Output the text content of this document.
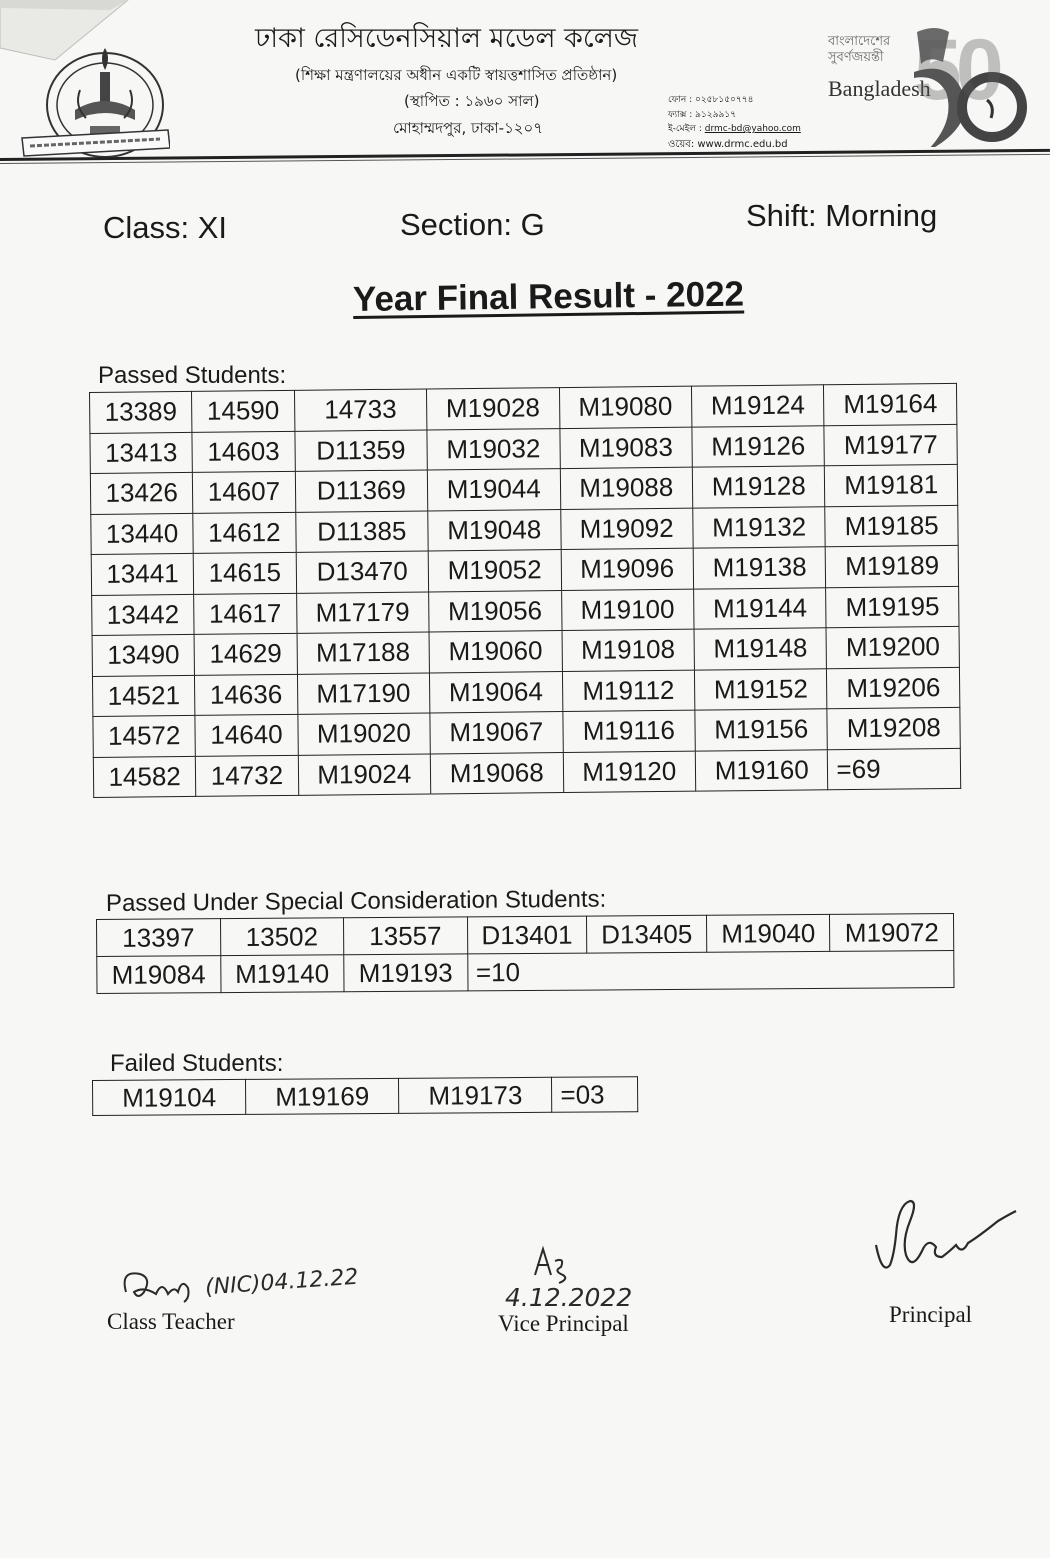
ঢাকা রেসিডেনসিয়াল মডেল কলেজ
(শিক্ষা মন্ত্রণালয়ের অধীন একটি স্বায়ত্তশাসিত প্রতিষ্ঠান)
(স্থাপিত : ১৯৬০ সাল)
মোহাম্মদপুর, ঢাকা-১২০৭
ফোন : ০২৫৮১৫০৭৭৪
ফ্যাক্স : ৯১২৯৯১৭
ই-মেইল : drmc-bd@yahoo.com
ওয়েব: www.drmc.edu.bd
বাংলাদেশের সুবর্ণজয়ন্তী
Bangladesh
50
Class: XI	Section: G	Shift: Morning
Year Final Result - 2022
Passed Students:
13389	14590	14733	M19028	M19080	M19124	M19164
13413	14603	D11359	M19032	M19083	M19126	M19177
13426	14607	D11369	M19044	M19088	M19128	M19181
13440	14612	D11385	M19048	M19092	M19132	M19185
13441	14615	D13470	M19052	M19096	M19138	M19189
13442	14617	M17179	M19056	M19100	M19144	M19195
13490	14629	M17188	M19060	M19108	M19148	M19200
14521	14636	M17190	M19064	M19112	M19152	M19206
14572	14640	M19020	M19067	M19116	M19156	M19208
14582	14732	M19024	M19068	M19120	M19160	=69
Passed Under Special Consideration Students:
13397	13502	13557	D13401	D13405	M19040	M19072
M19084	M19140	M19193	=10			
Failed Students:
M19104	M19169	M19173	=03
(NIC)04.12.22
Class Teacher
4.12.2022
Vice Principal	Principal
